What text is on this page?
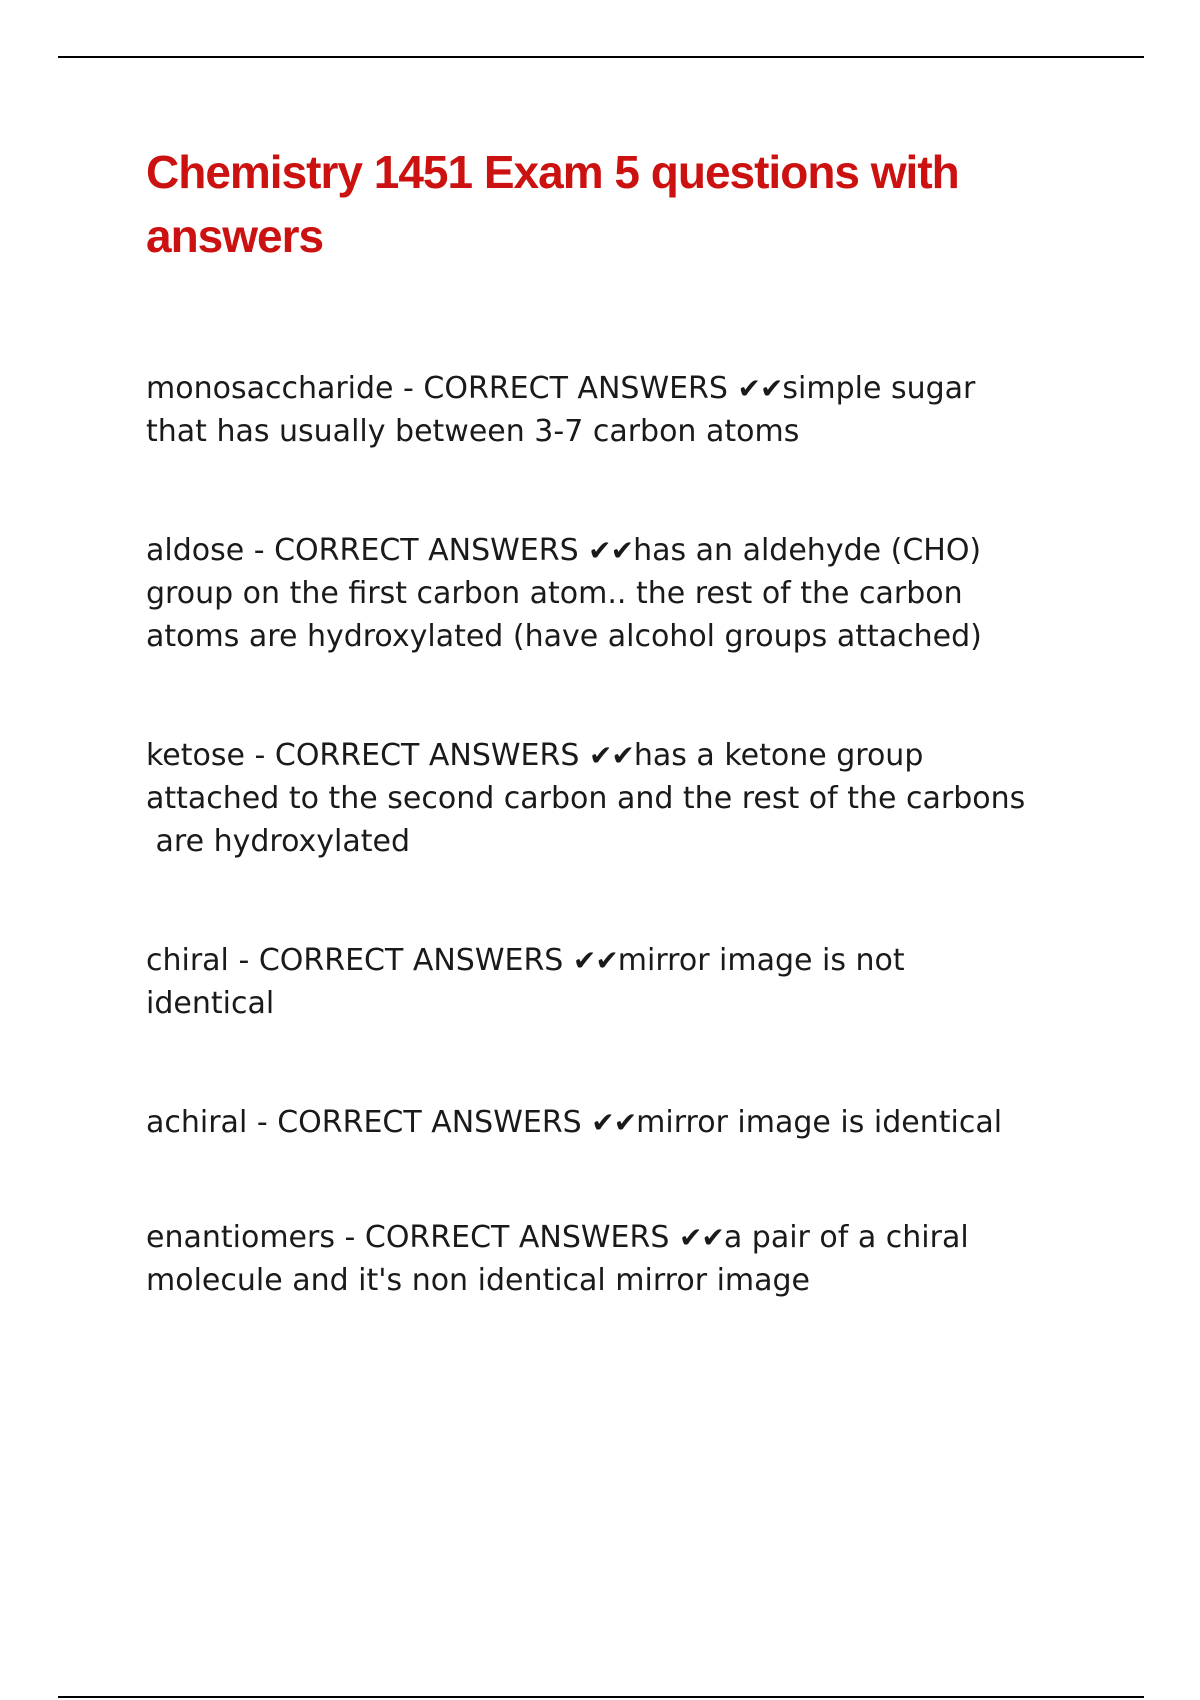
Chemistry 1451 Exam 5 questions with
answers
monosaccharide - CORRECT ANSWERS ✔✔simple sugar
that has usually between 3-7 carbon atoms
aldose - CORRECT ANSWERS ✔✔has an aldehyde (CHO)
group on the first carbon atom.. the rest of the carbon
atoms are hydroxylated (have alcohol groups attached)
ketose - CORRECT ANSWERS ✔✔has a ketone group
attached to the second carbon and the rest of the carbons
are hydroxylated
chiral - CORRECT ANSWERS ✔✔mirror image is not
identical
achiral - CORRECT ANSWERS ✔✔mirror image is identical
enantiomers - CORRECT ANSWERS ✔✔a pair of a chiral
molecule and it's non identical mirror image
